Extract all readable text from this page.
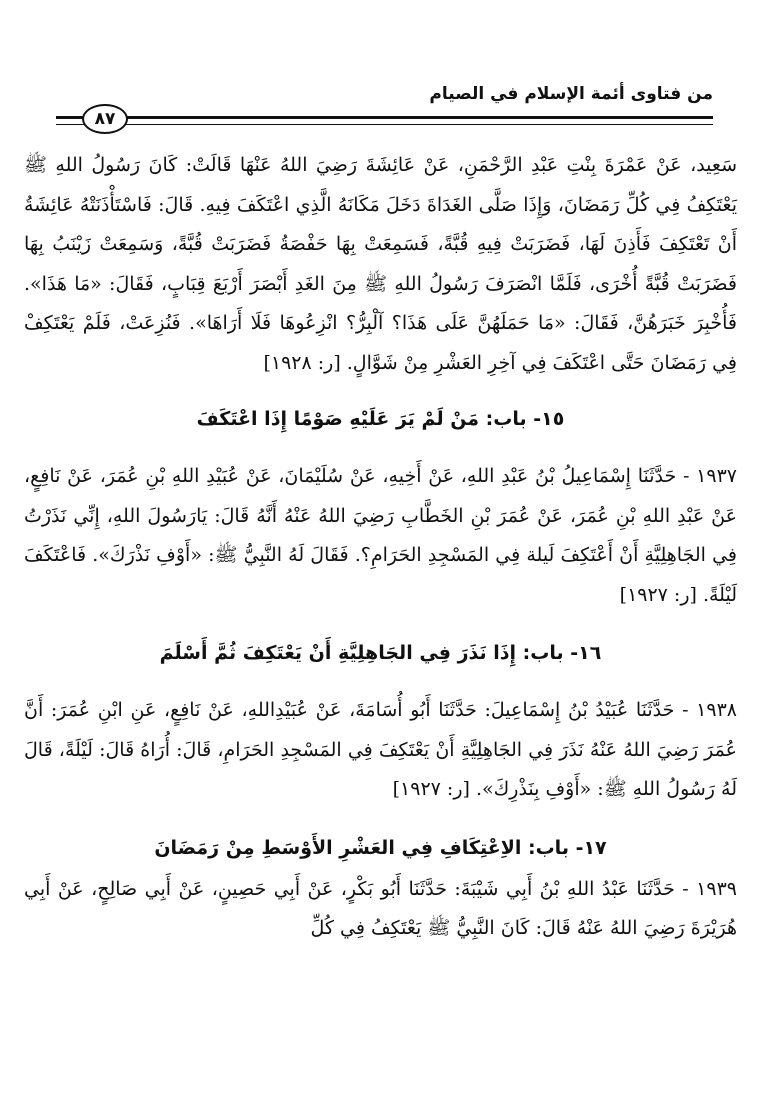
من فتاوى أئمة الإسلام في الصيام
٨٧

سَعِيد، عَنْ عَمْرَةَ بِنْتِ عَبْدِ الرَّحْمَنِ، عَنْ عَائِشَةَ رَضِيَ اللهُ عَنْهَا قَالَتْ: كَانَ رَسُولُ اللهِ ﷺ يَعْتَكِفُ فِي كُلِّ رَمَضَانَ، وَإِذَا صَلَّى الغَدَاةَ دَخَلَ مَكَانَهُ الَّذِي اعْتَكَفَ فِيهِ. قَالَ: فَاسْتَأْذَنَتْهُ عَائِشَةُ أَنْ تَعْتَكِفَ فَأَذِنَ لَهَا، فَضَرَبَتْ فِيهِ قُبَّةً، فَسَمِعَتْ بِهَا حَفْصَةُ فَضَرَبَتْ قُبَّةً، وَسَمِعَتْ زَيْنَبُ بِهَا فَضَرَبَتْ قُبَّةً أُخْرَى، فَلَمَّا انْصَرَفَ رَسُولُ اللهِ ﷺ مِنَ الغَدِ أَبْصَرَ أَرْبَعَ قِبَابٍ، فَقَالَ: «مَا هَذَا». فَأُخْبِرَ خَبَرَهُنَّ، فَقَالَ: «مَا حَمَلَهُنَّ عَلَى هَذَا؟ آلْبِرُّ؟ انْزِعُوهَا فَلَا أَرَاهَا». فَنُزِعَتْ، فَلَمْ يَعْتَكِفْ فِي رَمَضَانَ حَتَّى اعْتَكَفَ فِي آخِرِ العَشْرِ مِنْ شَوَّالٍ. [ر: ١٩٢٨]

١٥- باب: مَنْ لَمْ يَرَ عَلَيْهِ صَوْمًا إِذَا اعْتَكَفَ

١٩٣٧ - حَدَّثَنَا إِسْمَاعِيلُ بْنُ عَبْدِ اللهِ، عَنْ أَخِيهِ، عَنْ سُلَيْمَانَ، عَنْ عُبَيْدِ اللهِ بْنِ عُمَرَ، عَنْ نَافِعٍ، عَنْ عَبْدِ اللهِ بْنِ عُمَرَ، عَنْ عُمَرَ بْنِ الخَطَّابِ رَضِيَ اللهُ عَنْهُ أَنَّهُ قَالَ: يَارَسُولَ اللهِ، إِنِّي نَذَرْتُ فِي الجَاهِلِيَّةِ أَنْ أَعْتَكِفَ لَيلة فِي المَسْجِدِ الحَرَامِ؟. فَقَالَ لَهُ النَّبِيُّ ﷺ: «أَوْفِ نَذْرَكَ». فَاعْتَكَفَ لَيْلَةً. [ر: ١٩٢٧]

١٦- باب: إِذَا نَذَرَ فِي الجَاهِلِيَّةِ أَنْ يَعْتَكِفَ ثُمَّ أَسْلَمَ

١٩٣٨ - حَدَّثَنَا عُبَيْدُ بْنُ إِسْمَاعِيلَ: حَدَّثَنَا أَبُو أُسَامَةَ، عَنْ عُبَيْدِاللهِ، عَنْ نَافِعٍ، عَنِ ابْنِ عُمَرَ: أَنَّ عُمَرَ رَضِيَ اللهُ عَنْهُ نَذَرَ فِي الجَاهِلِيَّةِ أَنْ يَعْتَكِفَ فِي المَسْجِدِ الحَرَامِ، قَالَ: أُرَاهُ قَالَ: لَيْلَةً، قَالَ لَهُ رَسُولُ اللهِ ﷺ: «أَوْفِ بِنَذْرِكَ». [ر: ١٩٢٧]

١٧- باب: الاِعْتِكَافِ فِي العَشْرِ الأَوْسَطِ مِنْ رَمَضَانَ

١٩٣٩ - حَدَّثَنَا عَبْدُ اللهِ بْنُ أَبِي شَيْبَةَ: حَدَّثَنَا أَبُو بَكْرٍ، عَنْ أَبِي حَصِينٍ، عَنْ أَبِي صَالِحٍ، عَنْ أَبِي هُرَيْرَةَ رَضِيَ اللهُ عَنْهُ قَالَ: كَانَ النَّبِيُّ ﷺ يَعْتَكِفُ فِي كُلِّ
